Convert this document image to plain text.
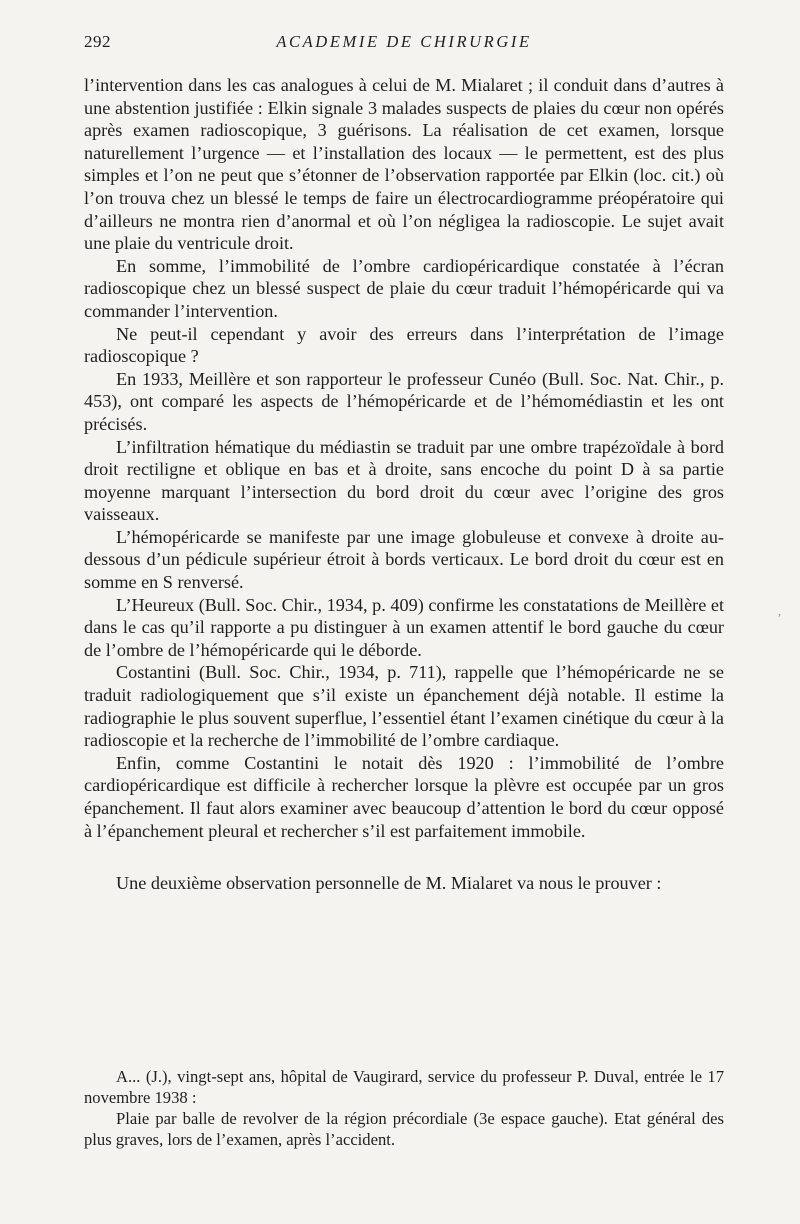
292	ACADEMIE DE CHIRURGIE

l’intervention dans les cas analogues à celui de M. Mialaret ; il conduit dans d’autres à une abstention justifiée : Elkin signale 3 malades suspects de plaies du cœur non opérés après examen radioscopique, 3 guérisons. La réalisation de cet examen, lorsque naturellement l’urgence — et l’installation des locaux — le permettent, est des plus simples et l’on ne peut que s’étonner de l’observation rapportée par Elkin (loc. cit.) où l’on trouva chez un blessé le temps de faire un électrocardiogramme préopératoire qui d’ailleurs ne montra rien d’anormal et où l’on négligea la radioscopie. Le sujet avait une plaie du ventricule droit.

En somme, l’immobilité de l’ombre cardiopéricardique constatée à l’écran radioscopique chez un blessé suspect de plaie du cœur traduit l’hémopéricarde qui va commander l’intervention.

Ne peut-il cependant y avoir des erreurs dans l’interprétation de l’image radioscopique ?

En 1933, Meillère et son rapporteur le professeur Cunéo (Bull. Soc. Nat. Chir., p. 453), ont comparé les aspects de l’hémopéricarde et de l’hémomédiastin et les ont précisés.

L’infiltration hématique du médiastin se traduit par une ombre trapézoïdale à bord droit rectiligne et oblique en bas et à droite, sans encoche du point D à sa partie moyenne marquant l’intersection du bord droit du cœur avec l’origine des gros vaisseaux.

L’hémopéricarde se manifeste par une image globuleuse et convexe à droite au-dessous d’un pédicule supérieur étroit à bords verticaux. Le bord droit du cœur est en somme en S renversé.

L’Heureux (Bull. Soc. Chir., 1934, p. 409) confirme les constatations de Meillère et dans le cas qu’il rapporte a pu distinguer à un examen attentif le bord gauche du cœur de l’ombre de l’hémopéricarde qui le déborde.

Costantini (Bull. Soc. Chir., 1934, p. 711), rappelle que l’hémopéricarde ne se traduit radiologiquement que s’il existe un épanchement déjà notable. Il estime la radiographie le plus souvent superflue, l’essentiel étant l’examen cinétique du cœur à la radioscopie et la recherche de l’immobilité de l’ombre cardiaque.

Enfin, comme Costantini le notait dès 1920 : l’immobilité de l’ombre cardiopéricardique est difficile à rechercher lorsque la plèvre est occupée par un gros épanchement. Il faut alors examiner avec beaucoup d’attention le bord du cœur opposé à l’épanchement pleural et rechercher s’il est parfaitement immobile.

Une deuxième observation personnelle de M. Mialaret va nous le prouver :

A... (J.), vingt-sept ans, hôpital de Vaugirard, service du professeur P. Duval, entrée le 17 novembre 1938 :

Plaie par balle de revolver de la région précordiale (3e espace gauche). Etat général des plus graves, lors de l’examen, après l’accident.

,
